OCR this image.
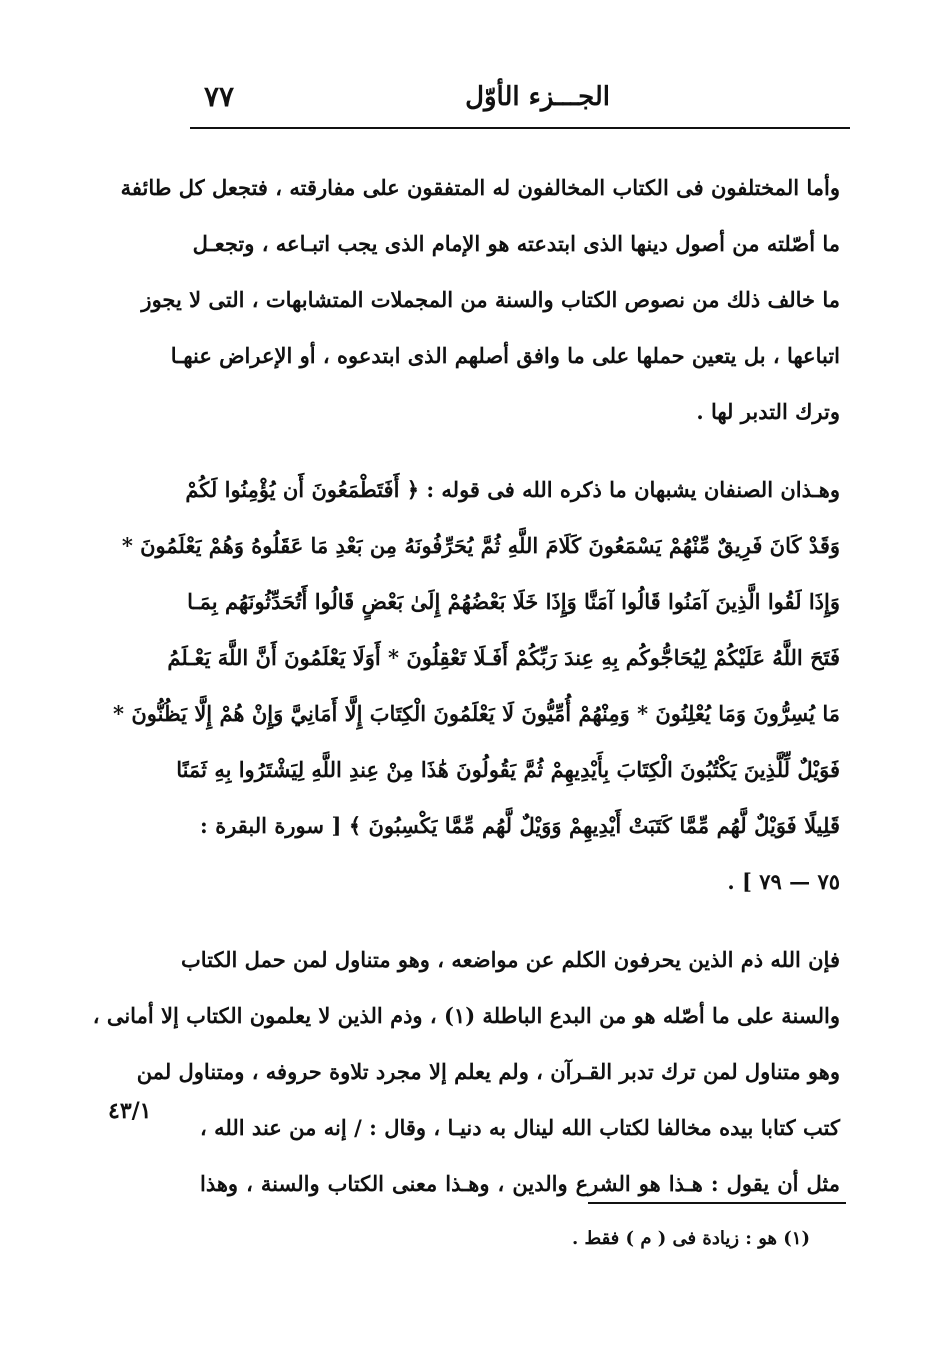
الجـــزء الأوّل
٧٧
وأما المختلفون فى الكتاب المخالفون له المتفقون على مفارقته ، فتجعل كل طائفة
ما أصّلته من أصول دينها الذى ابتدعته هو الإمام الذى يجب اتبـاعه ، وتجعـل
ما خالف ذلك من نصوص الكتاب والسنة من المجملات المتشابهات ، التى لا يجوز
اتباعها ، بل يتعين حملها على ما وافق أصلهم الذى ابتدعوه ، أو الإعراض عنهـا
وترك التدبر لها .
وهـذان الصنفان يشبهان ما ذكره الله فى قوله : ﴿ أَفَتَطْمَعُونَ أَن يُؤْمِنُوا لَكُمْ
وَقَدْ كَانَ فَرِيقٌ مِّنْهُمْ يَسْمَعُونَ كَلَامَ اللَّهِ ثُمَّ يُحَرِّفُونَهُ مِن بَعْدِ مَا عَقَلُوهُ وَهُمْ يَعْلَمُونَ *
وَإِذَا لَقُوا الَّذِينَ آمَنُوا قَالُوا آمَنَّا وَإِذَا خَلَا بَعْضُهُمْ إِلَىٰ بَعْضٍ قَالُوا أَتُحَدِّثُونَهُم بِمَـا
فَتَحَ اللَّهُ عَلَيْكُمْ لِيُحَاجُّوكُم بِهِ عِندَ رَبِّكُمْ أَفَـلَا تَعْقِلُونَ * أَوَلَا يَعْلَمُونَ أَنَّ اللَّهَ يَعْـلَمُ
مَا يُسِرُّونَ وَمَا يُعْلِنُونَ * وَمِنْهُمْ أُمِّيُّونَ لَا يَعْلَمُونَ الْكِتَابَ إِلَّا أَمَانِيَّ وَإِنْ هُمْ إِلَّا يَظُنُّونَ *
فَوَيْلٌ لِّلَّذِينَ يَكْتُبُونَ الْكِتَابَ بِأَيْدِيهِمْ ثُمَّ يَقُولُونَ هَٰذَا مِنْ عِندِ اللَّهِ لِيَشْتَرُوا بِهِ ثَمَنًا
قَلِيلًا فَوَيْلٌ لَّهُم مِّمَّا كَتَبَتْ أَيْدِيهِمْ وَوَيْلٌ لَّهُم مِّمَّا يَكْسِبُونَ ﴾ [ سورة البقرة :
٧٥ — ٧٩ ] .
فإن الله ذم الذين يحرفون الكلم عن مواضعه ، وهو متناول لمن حمل الكتاب
والسنة على ما أصّله هو من البدع الباطلة (١) ، وذم الذين لا يعلمون الكتاب إلا أمانى ،
وهو متناول لمن ترك تدبر القـرآن ، ولم يعلم إلا مجرد تلاوة حروفه ، ومتناول لمن
كتب كتابا بيده مخالفا لكتاب الله لينال به دنيـا ، وقال : / إنه من عند الله ،
مثل أن يقول : هـذا هو الشرع والدين ، وهـذا معنى الكتاب والسنة ، وهذا
٤٣/١
(١) هو : زيادة فى ( م ) فقط .
